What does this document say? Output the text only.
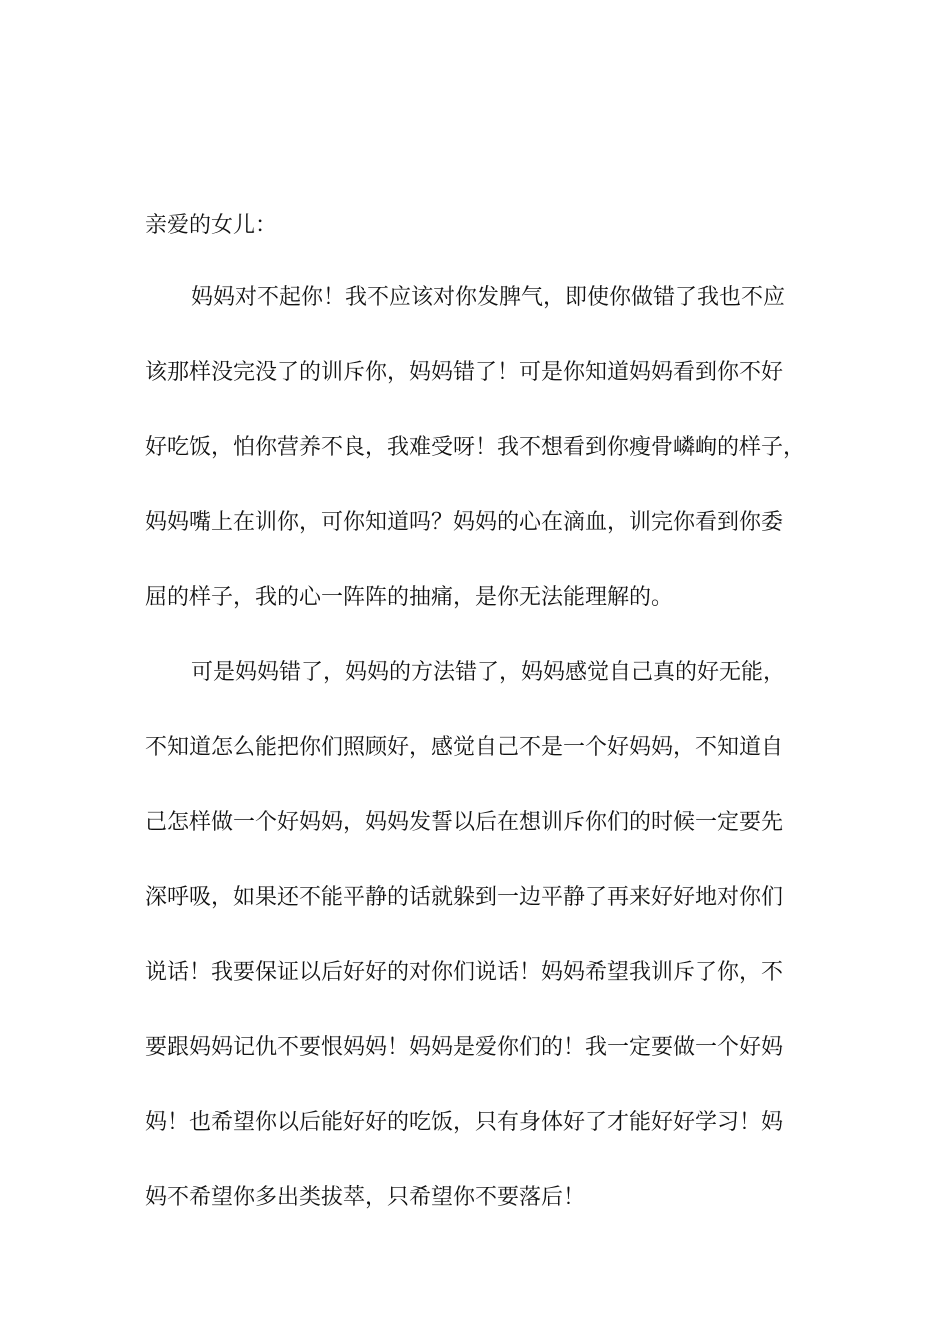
亲爱的女儿：
妈妈对不起你！我不应该对你发脾气，即使你做错了我也不应
该那样没完没了的训斥你，妈妈错了！可是你知道妈妈看到你不好
好吃饭，怕你营养不良，我难受呀！我不想看到你瘦骨嶙峋的样子，
妈妈嘴上在训你，可你知道吗？妈妈的心在滴血，训完你看到你委
屈的样子，我的心一阵阵的抽痛，是你无法能理解的。
可是妈妈错了，妈妈的方法错了，妈妈感觉自己真的好无能，
不知道怎么能把你们照顾好，感觉自己不是一个好妈妈，不知道自
己怎样做一个好妈妈，妈妈发誓以后在想训斥你们的时候一定要先
深呼吸，如果还不能平静的话就躲到一边平静了再来好好地对你们
说话！我要保证以后好好的对你们说话！妈妈希望我训斥了你，不
要跟妈妈记仇不要恨妈妈！妈妈是爱你们的！我一定要做一个好妈
妈！也希望你以后能好好的吃饭，只有身体好了才能好好学习！妈
妈不希望你多出类拔萃，只希望你不要落后！
